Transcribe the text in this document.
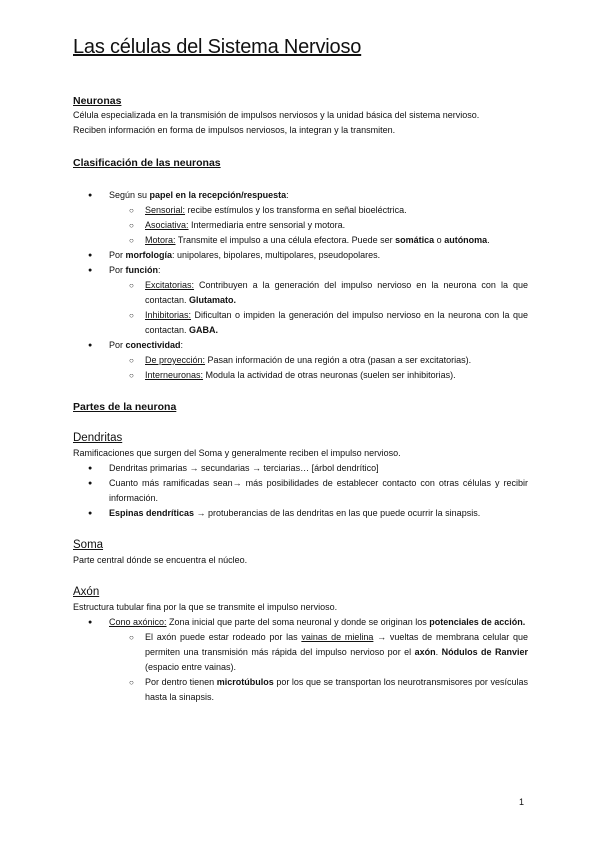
Las células del Sistema Nervioso

Neuronas

Célula especializada en la transmisión de impulsos nerviosos y la unidad básica del sistema nervioso.

Reciben información en forma de impulsos nerviosos, la integran y la transmiten.

Clasificación de las neuronas

● Según su papel en la recepción/respuesta:
○ Sensorial: recibe estímulos y los transforma en señal bioeléctrica.
○ Asociativa: Intermediaria entre sensorial y motora.
○ Motora: Transmite el impulso a una célula efectora. Puede ser somática o autónoma.
● Por morfología: unipolares, bipolares, multipolares, pseudopolares.
● Por función:
○ Excitatorias: Contribuyen a la generación del impulso nervioso en la neurona con la que contactan. Glutamato.
○ Inhibitorias: Dificultan o impiden la generación del impulso nervioso en la neurona con la que contactan. GABA.
● Por conectividad:
○ De proyección: Pasan información de una región a otra (pasan a ser excitatorias).
○ Interneuronas: Modula la actividad de otras neuronas (suelen ser inhibitorias).

Partes de la neurona

Dendritas

Ramificaciones que surgen del Soma y generalmente reciben el impulso nervioso.

● Dendritas primarias → secundarias → terciarias… [árbol dendrítico]
● Cuanto más ramificadas sean→ más posibilidades de establecer contacto con otras células y recibir información.
● Espinas dendríticas → protuberancias de las dendritas en las que puede ocurrir la sinapsis.

Soma

Parte central dónde se encuentra el núcleo.

Axón

Estructura tubular fina por la que se transmite el impulso nervioso.

● Cono axónico: Zona inicial que parte del soma neuronal y donde se originan los potenciales de acción.
○ El axón puede estar rodeado por las vainas de mielina → vueltas de membrana celular que permiten una transmisión más rápida del impulso nervioso por el axón. Nódulos de Ranvier (espacio entre vainas).
○ Por dentro tienen microtúbulos por los que se transportan los neurotransmisores por vesículas hasta la sinapsis.
1
